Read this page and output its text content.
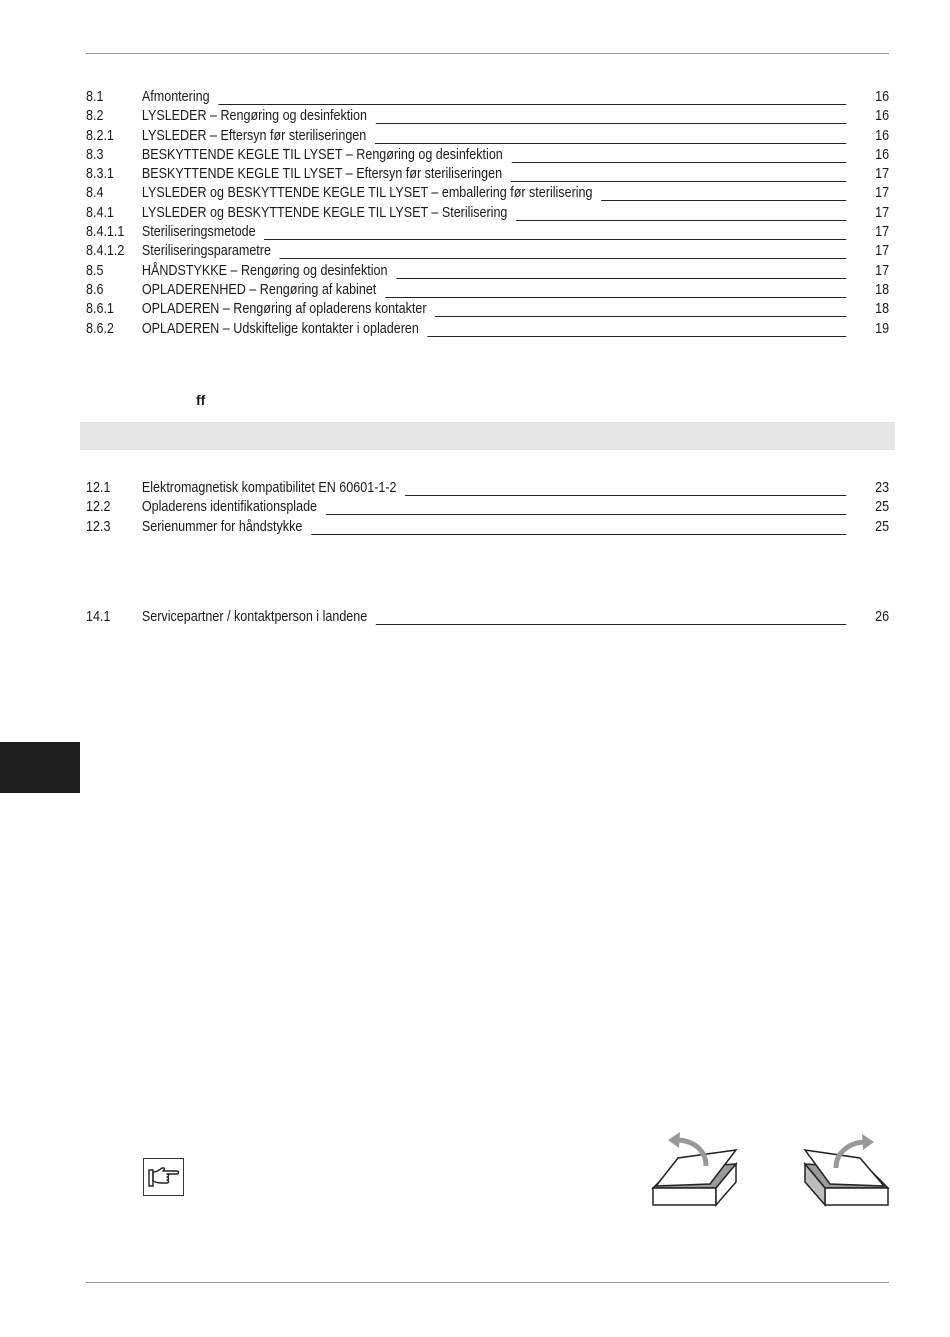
8.1	Afmontering	16
8.2	LYSLEDER – Rengøring og desinfektion	16
8.2.1 LYSLEDER – Eftersyn før steriliseringen	16
8.3	BESKYTTENDE KEGLE TIL LYSET – Rengøring og desinfektion	16
8.3.1 BESKYTTENDE KEGLE TIL LYSET – Eftersyn før steriliseringen	17
8.4	LYSLEDER og BESKYTTENDE KEGLE TIL LYSET – emballering før sterilisering	17
8.4.1 LYSLEDER og BESKYTTENDE KEGLE TIL LYSET – Sterilisering	17
8.4.1.1 Steriliseringsmetode	17
8.4.1.2 Steriliseringsparametre	17
8.5	HÅNDSTYKKE – Rengøring og desinfektion	17
8.6	OPLADERENHED – Rengøring af kabinet	18
8.6.1 OPLADEREN – Rengøring af opladerens kontakter	18
8.6.2 OPLADEREN – Udskiftelige kontakter i opladeren	19
ff
12.1 Elektromagnetisk kompatibilitet EN 60601-1-2	23
12.2 Opladerens identifikationsplade	25
12.3 Serienummer for håndstykke	25
14.1 Servicepartner / kontaktperson i landene	26
